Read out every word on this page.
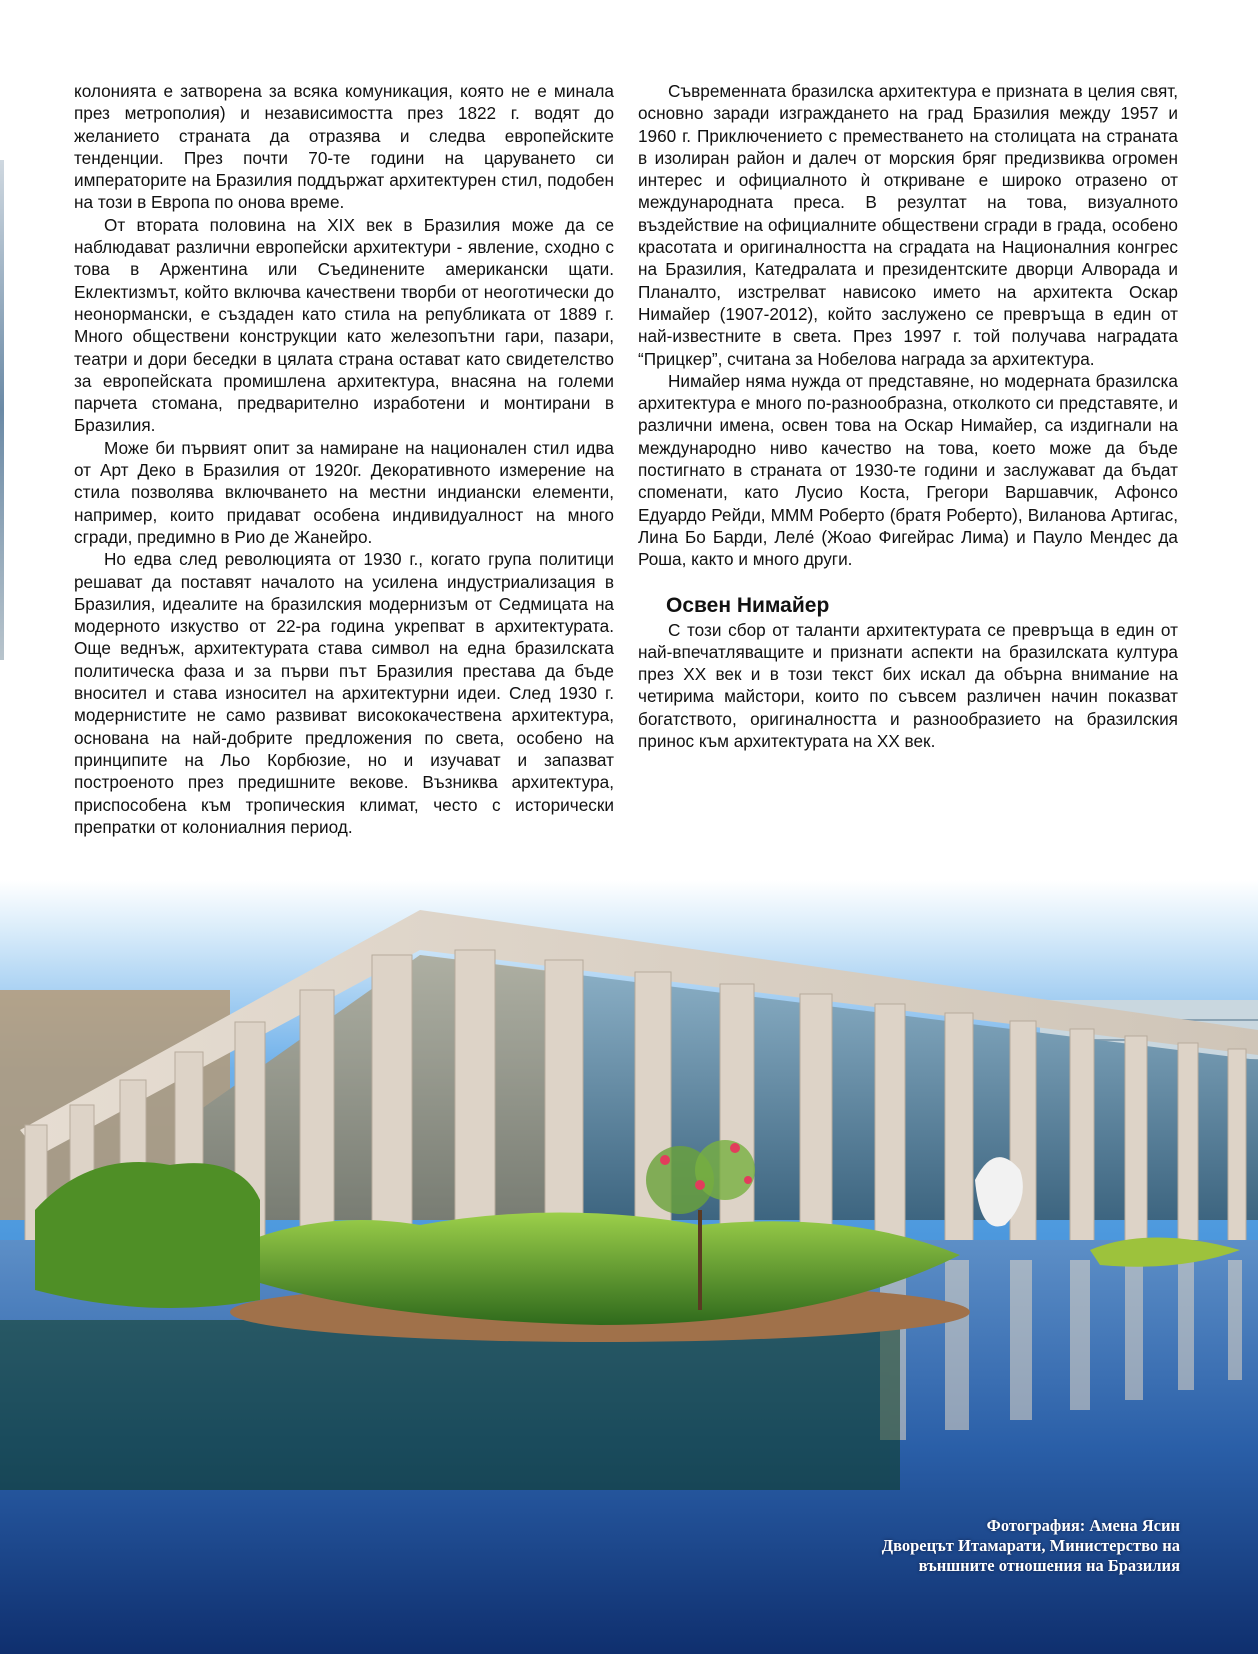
колонията е затворена за всяка комуникация, която не е минала през метрополия) и независимостта през 1822 г. водят до желанието страната да отразява и следва европейските тенденции. През почти 70-те години на царуването си императорите на Бразилия поддържат архитектурен стил, подобен на този в Европа по онова време.

От втората половина на XIX век в Бразилия може да се наблюдават различни европейски архитектури - явление, сходно с това в Аржентина или Съединените американски щати. Еклектизмът, който включва качествени творби от неоготически до неонормански, е създаден като стила на републиката от 1889 г. Много обществени конструкции като железопътни гари, пазари, театри и дори беседки в цялата страна остават като свидетелство за европейската промишлена архитектура, внасяна на големи парчета стомана, предварително изработени и монтирани в Бразилия.

Може би първият опит за намиране на национален стил идва от Арт Деко в Бразилия от 1920г. Декоративното измерение на стила позволява включването на местни индиански елементи, например, които придават особена индивидуалност на много сгради, предимно в Рио де Жанейро.

Но едва след революцията от 1930 г., когато група политици решават да поставят началото на усилена индустриализация в Бразилия, идеалите на бразилския модернизъм от Седмицата на модерното изкуство от 22-ра година укрепват в архитектурата. Още веднъж, архитектурата става символ на една бразилската политическа фаза и за първи път Бразилия престава да бъде вносител и става износител на архитектурни идеи. След 1930 г. модернистите не само развиват висококачествена архитектура, основана на най-добрите предложения по света, особено на принципите на Льо Корбюзие, но и изучават и запазват построеното през предишните векове. Възниква архитектура, приспособена към тропическия климат, често с исторически препратки от колониалния период.

Съвременната бразилска архитектура е призната в целия свят, основно заради изграждането на град Бразилия между 1957 и 1960 г. Приключението с преместването на столицата на страната в изолиран район и далеч от морския бряг предизвиква огромен интерес и официалното ѝ откриване е широко отразено от международната преса. В резултат на това, визуалното въздействие на официалните обществени сгради в града, особено красотата и оригиналността на сградата на Националния конгрес на Бразилия, Катедралата и президентските дворци Алворада и Планалто, изстрелват нависоко името на архитекта Оскар Нимайер (1907-2012), който заслужено се превръща в един от най-известните в света. През 1997 г. той получава наградата “Прицкер”, считана за Нобелова награда за архитектура.

Нимайер няма нужда от представяне, но модерната бразилска архитектура е много по-разнообразна, отколкото си представяте, и различни имена, освен това на Оскар Нимайер, са издигнали на международно ниво качество на това, което може да бъде постигнато в страната от 1930-те години и заслужават да бъдат споменати, като Лусио Коста, Грегори Варшавчик, Афонсо Едуардо Рейди, МММ Роберто (братя Роберто), Виланова Артигас, Лина Бо Барди, Леле́ (Жоао Фигейрас Лима) и Пауло Мендес да Роша, както и много други.

Освен Нимайер

С този сбор от таланти архитектурата се превръща в един от най-впечатляващите и признати аспекти на бразилската култура през XX век и в този текст бих искал да обърна внимание на четирима майстори, които по съвсем различен начин показват богатството, оригиналността и разнообразието на бразилския принос към архитектурата на XX век.

Фотография: Амена Ясин
Дворецът Итамарати, Министерство на
външните отношения на Бразилия
